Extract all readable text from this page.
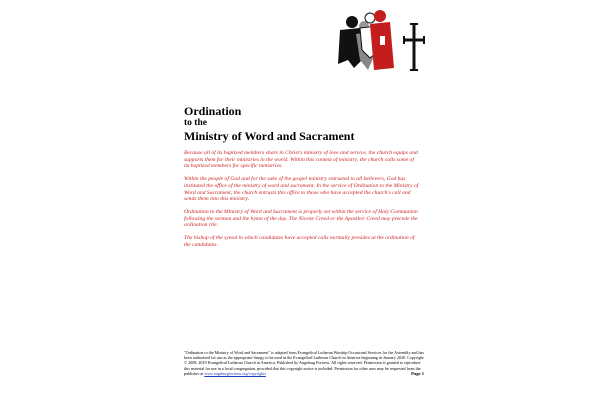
Ordination
to the
Ministry of Word and Sacrament

Because all of its baptized members share in Christ's ministry of love and service, the church equips and supports them for their ministries in the world. Within this context of ministry, the church calls some of its baptized members for specific ministries.

Within the people of God and for the sake of the gospel ministry entrusted to all believers, God has instituted the office of the ministry of word and sacrament. In the service of Ordination to the Ministry of Word and Sacrament, the church entrusts this office to those who have accepted the church's call and sends them into this ministry.

Ordination to the Ministry of Word and Sacrament is properly set within the service of Holy Communion following the sermon and the hymn of the day. The Nicene Creed or the Apostles' Creed may precede the ordination rite.

The bishop of the synod in which candidates have accepted calls normally presides at the ordination of the candidates.

"Ordination to the Ministry of Word and Sacrament" is adapted from Evangelical Lutheran Worship Occasional Services for the Assembly and has been authorized for use as the appropriate liturgy to be used in the Evangelical Lutheran Church in America beginning in January 2020. Copyright © 2008, 2019 Evangelical Lutheran Church in America. Published by Augsburg Fortress. All rights reserved. Permission is granted to reproduce this material for use in a local congregation, provided that this copyright notice is included. Permission for other uses may be requested from the publisher at www.augsburgfortress.org/copyrights	Page 1
